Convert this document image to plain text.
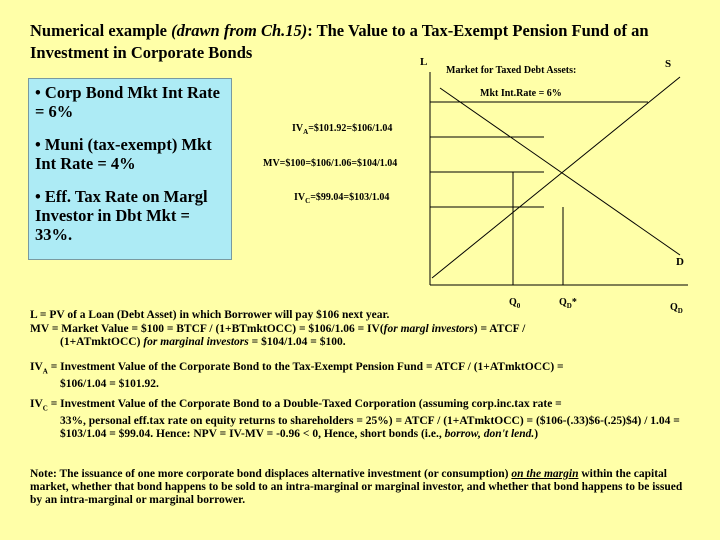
Numerical example (drawn from Ch.15): The Value to a Tax-Exempt Pension Fund of an Investment in Corporate Bonds
• Corp Bond Mkt Int Rate = 6%
• Muni (tax-exempt) Mkt Int Rate = 4%
• Eff. Tax Rate on Margl Investor in Dbt Mkt = 33%.
L	S
D
Market for Taxed Debt Assets:
Mkt Int.Rate = 6%
$IV_A=\$101.92=\$106/1.04$
MV=$100=$106/1.06=$104/1.04
$IV_C=\$99.04=\$103/1.04$
$Q_0$	$Q_D*$	$Q_D$
L = PV of a Loan (Debt Asset) in which Borrower will pay $106 next year.
MV = Market Value = $100 = BTCF / (1+BTmktOCC) = $106/1.06 = IV(for margl investors) = ATCF /
(1+ATmktOCC) for marginal investors = $104/1.04 = $100.
$IV_A$ = Investment Value of the Corporate Bond to the Tax-Exempt Pension Fund = ATCF / (1+ATmktOCC) =
$106/1.04 = $101.92.
$IV_C$ = Investment Value of the Corporate Bond to a Double-Taxed Corporation (assuming corp.inc.tax rate =
33%, personal eff.tax rate on equity returns to shareholders = 25%) = ATCF / (1+ATmktOCC) = ($106-(.33)$6-(.25)$4) / 1.04 = $103/1.04 = $99.04. Hence: NPV = IV-MV = -0.96 < 0, Hence, short bonds (i.e., borrow, don't lend.)
Note: The issuance of one more corporate bond displaces alternative investment (or consumption) on the margin within the capital market, whether that bond happens to be sold to an intra-marginal or marginal investor, and whether that bond happens to be issued by an intra-marginal or marginal borrower.
